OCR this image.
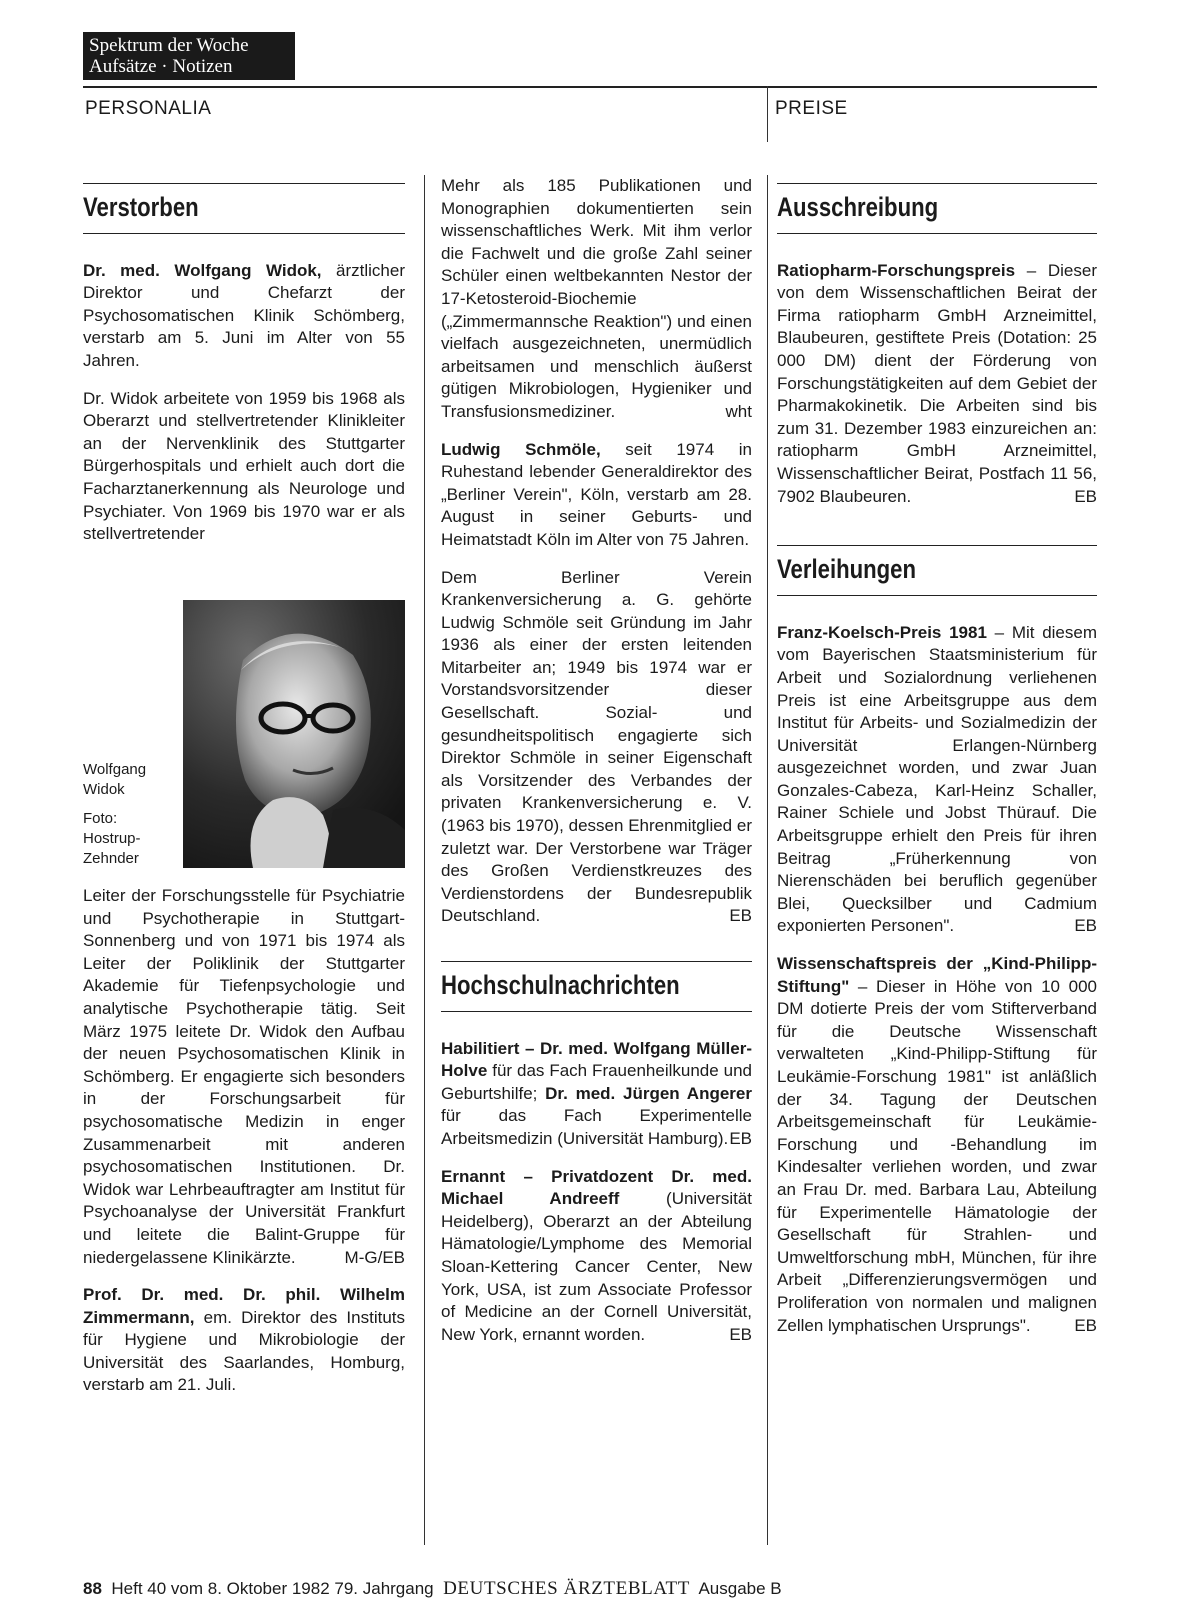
Spektrum der Woche
Aufsätze · Notizen
PERSONALIA	PREISE
Verstorben

Dr. med. Wolfgang Widok, ärztlicher Direktor und Chefarzt der Psychosomatischen Klinik Schömberg, verstarb am 5. Juni im Alter von 55 Jahren.

Dr. Widok arbeitete von 1959 bis 1968 als Oberarzt und stellvertretender Klinikleiter an der Nervenklinik des Stuttgarter Bürgerhospitals und erhielt auch dort die Facharztanerkennung als Neurologe und Psychiater. Von 1969 bis 1970 war er als stellvertretender

Wolfgang Widok
Foto: Hostrup-Zehnder

Leiter der Forschungsstelle für Psychiatrie und Psychotherapie in Stuttgart-Sonnenberg und von 1971 bis 1974 als Leiter der Poliklinik der Stuttgarter Akademie für Tiefenpsychologie und analytische Psychotherapie tätig. Seit März 1975 leitete Dr. Widok den Aufbau der neuen Psychosomatischen Klinik in Schömberg. Er engagierte sich besonders in der Forschungsarbeit für psychosomatische Medizin in enger Zusammenarbeit mit anderen psychosomatischen Institutionen. Dr. Widok war Lehrbeauftragter am Institut für Psychoanalyse der Universität Frankfurt und leitete die Balint-Gruppe für niedergelassene Klinikärzte.	M-G/EB

Prof. Dr. med. Dr. phil. Wilhelm Zimmermann, em. Direktor des Instituts für Hygiene und Mikrobiologie der Universität des Saarlandes, Homburg, verstarb am 21. Juli.

Mehr als 185 Publikationen und Monographien dokumentierten sein wissenschaftliches Werk. Mit ihm verlor die Fachwelt und die große Zahl seiner Schüler einen weltbekannten Nestor der 17-Ketosteroid-Biochemie („Zimmermannsche Reaktion") und einen vielfach ausgezeichneten, unermüdlich arbeitsamen und menschlich äußerst gütigen Mikrobiologen, Hygieniker und Transfusionsmediziner.	wht

Ludwig Schmöle, seit 1974 in Ruhestand lebender Generaldirektor des „Berliner Verein", Köln, verstarb am 28. August in seiner Geburts- und Heimatstadt Köln im Alter von 75 Jahren.

Dem Berliner Verein Krankenversicherung a. G. gehörte Ludwig Schmöle seit Gründung im Jahr 1936 als einer der ersten leitenden Mitarbeiter an; 1949 bis 1974 war er Vorstandsvorsitzender dieser Gesellschaft. Sozial- und gesundheitspolitisch engagierte sich Direktor Schmöle in seiner Eigenschaft als Vorsitzender des Verbandes der privaten Krankenversicherung e. V. (1963 bis 1970), dessen Ehrenmitglied er zuletzt war. Der Verstorbene war Träger des Großen Verdienstkreuzes des Verdienstordens der Bundesrepublik Deutschland.	EB

Hochschulnachrichten

Habilitiert – Dr. med. Wolfgang Müller-Holve für das Fach Frauenheilkunde und Geburtshilfe; Dr. med. Jürgen Angerer für das Fach Experimentelle Arbeitsmedizin (Universität Hamburg). EB

Ernannt – Privatdozent Dr. med. Michael Andreeff (Universität Heidelberg), Oberarzt an der Abteilung Hämatologie/Lymphome des Memorial Sloan-Kettering Cancer Center, New York, USA, ist zum Associate Professor of Medicine an der Cornell Universität, New York, ernannt worden.	EB

Ausschreibung

Ratiopharm-Forschungspreis – Dieser von dem Wissenschaftlichen Beirat der Firma ratiopharm GmbH Arzneimittel, Blaubeuren, gestiftete Preis (Dotation: 25 000 DM) dient der Förderung von Forschungstätigkeiten auf dem Gebiet der Pharmakokinetik. Die Arbeiten sind bis zum 31. Dezember 1983 einzureichen an: ratiopharm GmbH Arzneimittel, Wissenschaftlicher Beirat, Postfach 11 56, 7902 Blaubeuren.	EB

Verleihungen

Franz-Koelsch-Preis 1981 – Mit diesem vom Bayerischen Staatsministerium für Arbeit und Sozialordnung verliehenen Preis ist eine Arbeitsgruppe aus dem Institut für Arbeits- und Sozialmedizin der Universität Erlangen-Nürnberg ausgezeichnet worden, und zwar Juan Gonzales-Cabeza, Karl-Heinz Schaller, Rainer Schiele und Jobst Thürauf. Die Arbeitsgruppe erhielt den Preis für ihren Beitrag „Früherkennung von Nierenschäden bei beruflich gegenüber Blei, Quecksilber und Cadmium exponierten Personen".	EB

Wissenschaftspreis der „Kind-Philipp-Stiftung" – Dieser in Höhe von 10 000 DM dotierte Preis der vom Stifterverband für die Deutsche Wissenschaft verwalteten „Kind-Philipp-Stiftung für Leukämie-Forschung 1981" ist anläßlich der 34. Tagung der Deutschen Arbeitsgemeinschaft für Leukämie-Forschung und -Behandlung im Kindesalter verliehen worden, und zwar an Frau Dr. med. Barbara Lau, Abteilung für Experimentelle Hämatologie der Gesellschaft für Strahlen- und Umweltforschung mbH, München, für ihre Arbeit „Differenzierungsvermögen und Proliferation von normalen und malignen Zellen lymphatischen Ursprungs".	EB

88 Heft 40 vom 8. Oktober 1982 79. Jahrgang DEUTSCHES ÄRZTEBLATT Ausgabe B
